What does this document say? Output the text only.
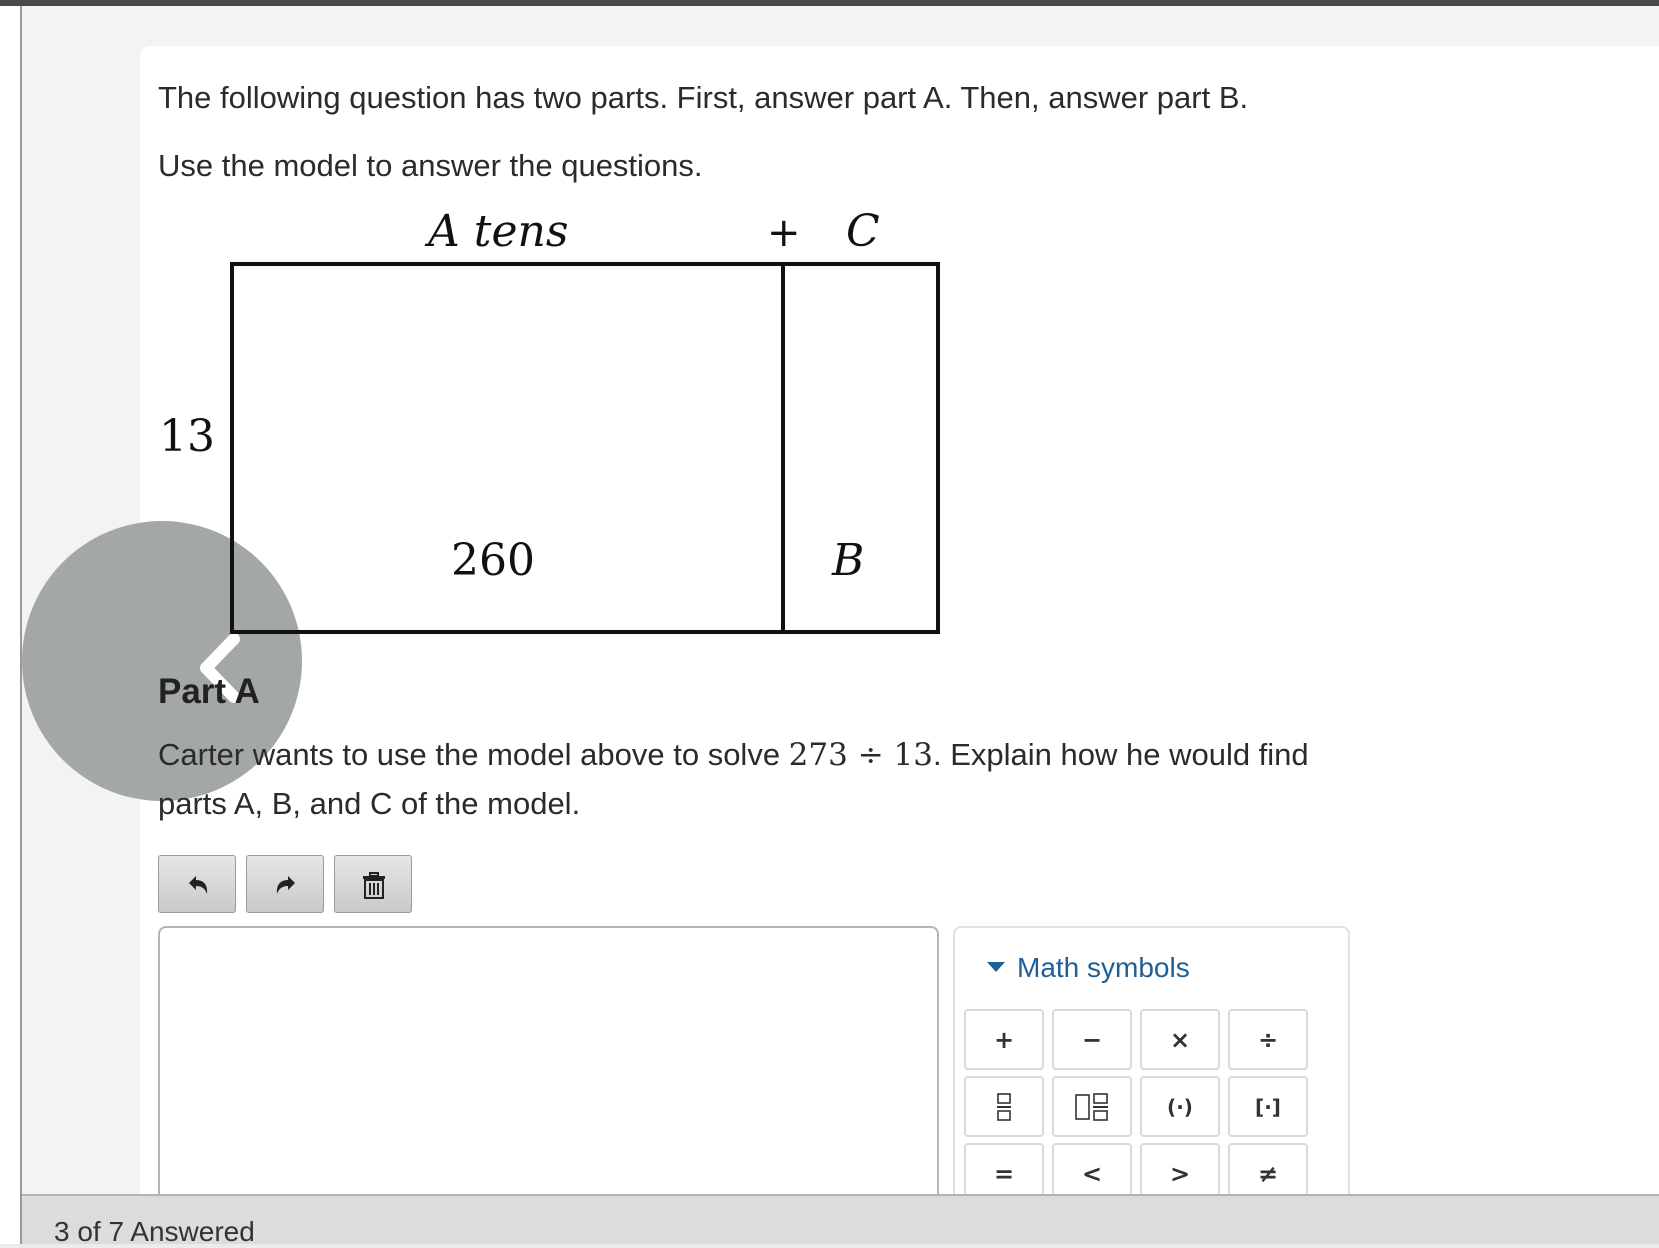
The following question has two parts. First, answer part A. Then, answer part B.
Use the model to answer the questions.
A tens	+ C
13
260	B
Part A
Carter wants to use the model above to solve 273 ÷ 13. Explain how he would find
parts A, B, and C of the model.
Math symbols
+	−	×	÷
(·)	[·]
=	<	>	≠
3 of 7 Answered
